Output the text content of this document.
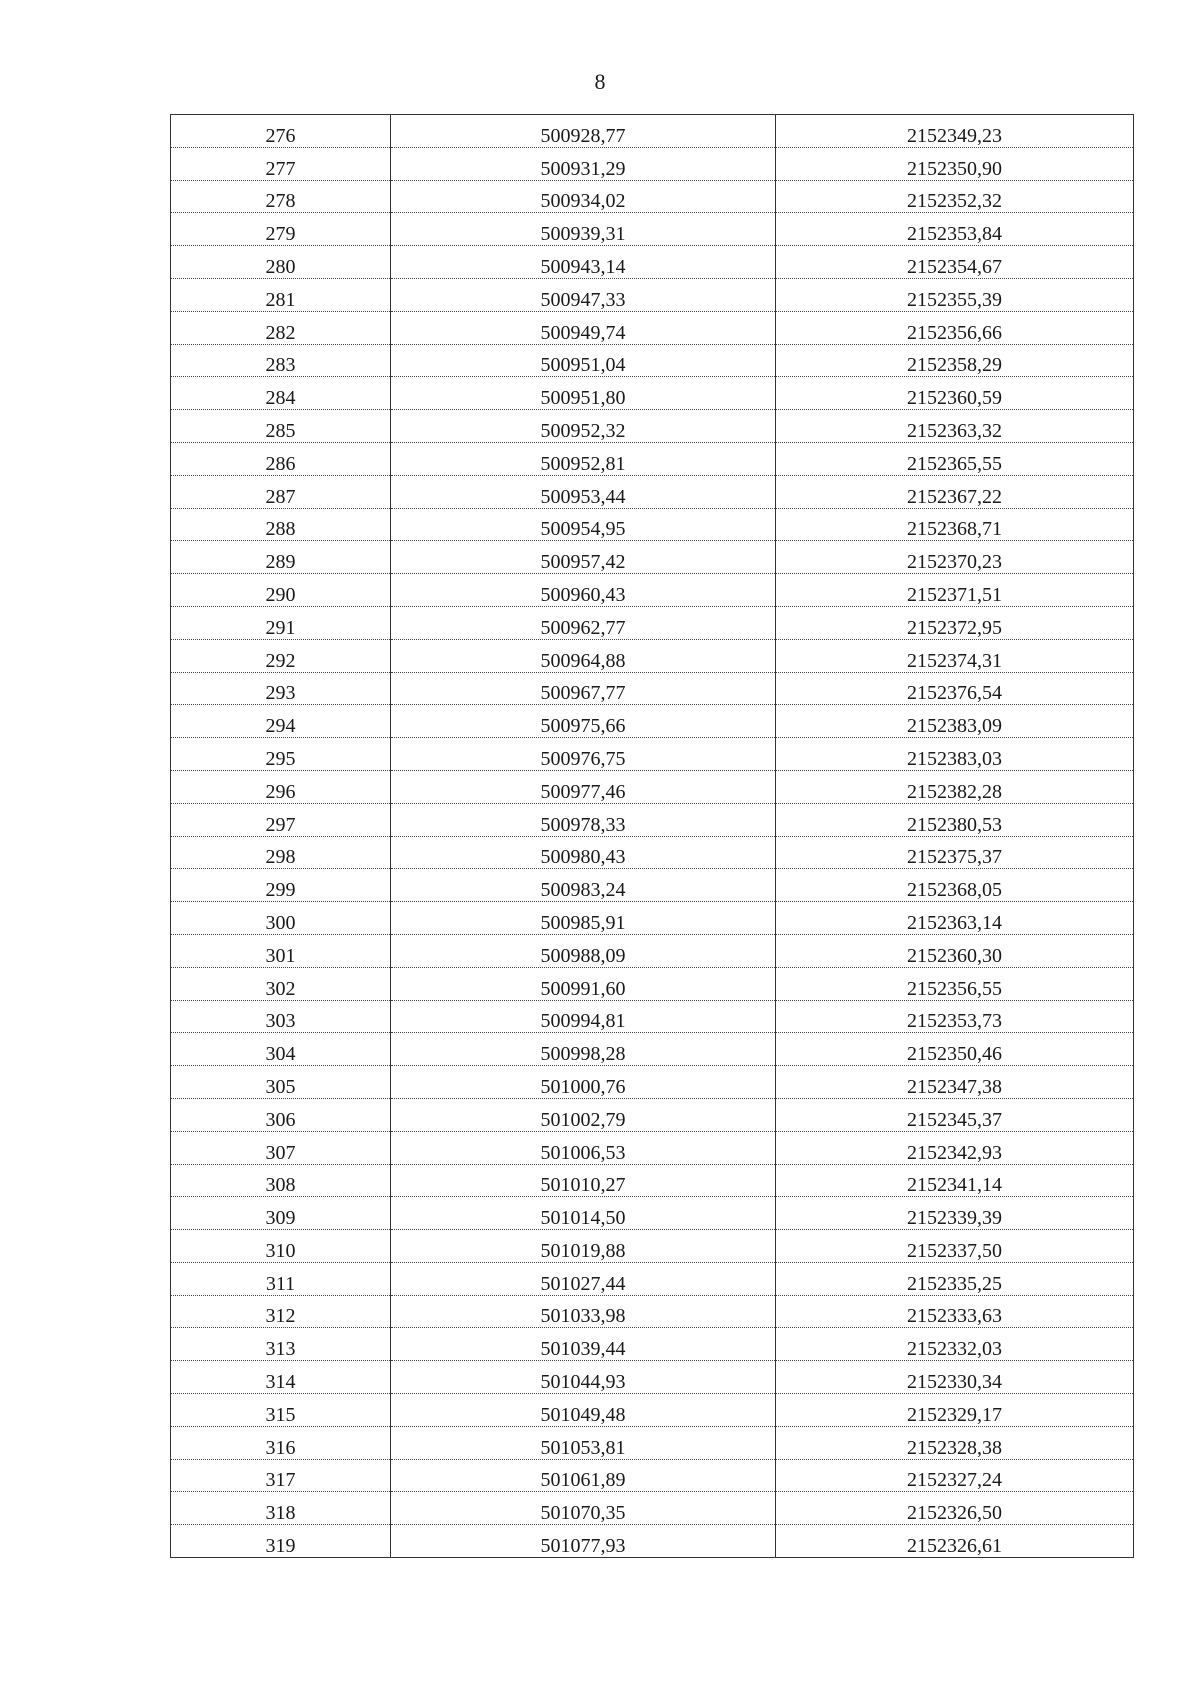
8
276	500928,77	2152349,23
277	500931,29	2152350,90
278	500934,02	2152352,32
279	500939,31	2152353,84
280	500943,14	2152354,67
281	500947,33	2152355,39
282	500949,74	2152356,66
283	500951,04	2152358,29
284	500951,80	2152360,59
285	500952,32	2152363,32
286	500952,81	2152365,55
287	500953,44	2152367,22
288	500954,95	2152368,71
289	500957,42	2152370,23
290	500960,43	2152371,51
291	500962,77	2152372,95
292	500964,88	2152374,31
293	500967,77	2152376,54
294	500975,66	2152383,09
295	500976,75	2152383,03
296	500977,46	2152382,28
297	500978,33	2152380,53
298	500980,43	2152375,37
299	500983,24	2152368,05
300	500985,91	2152363,14
301	500988,09	2152360,30
302	500991,60	2152356,55
303	500994,81	2152353,73
304	500998,28	2152350,46
305	501000,76	2152347,38
306	501002,79	2152345,37
307	501006,53	2152342,93
308	501010,27	2152341,14
309	501014,50	2152339,39
310	501019,88	2152337,50
311	501027,44	2152335,25
312	501033,98	2152333,63
313	501039,44	2152332,03
314	501044,93	2152330,34
315	501049,48	2152329,17
316	501053,81	2152328,38
317	501061,89	2152327,24
318	501070,35	2152326,50
319	501077,93	2152326,61
